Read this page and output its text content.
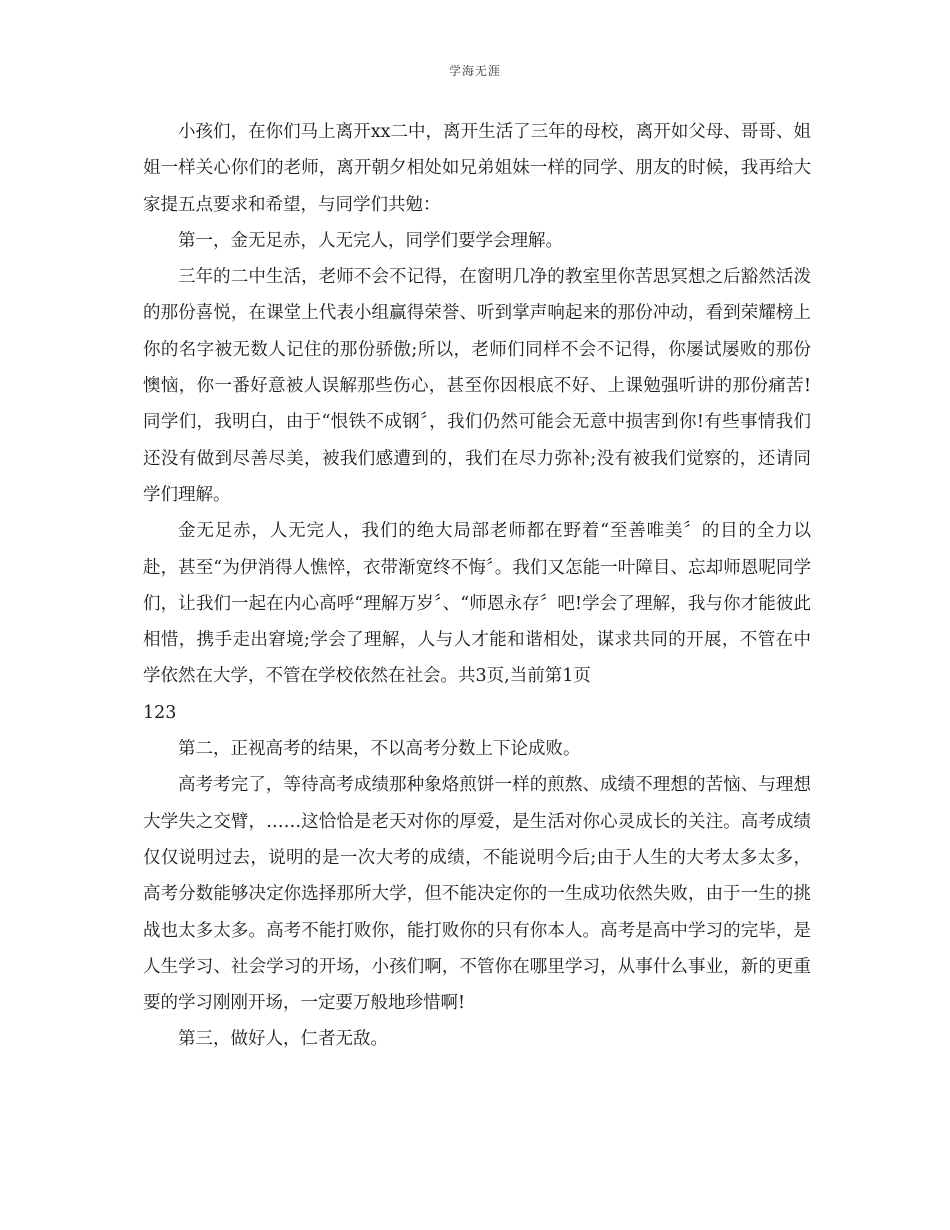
学海无涯

小孩们，在你们马上离开xx二中，离开生活了三年的母校，离开如父母、哥哥、姐姐一样关心你们的老师，离开朝夕相处如兄弟姐妹一样的同学、朋友的时候，我再给大家提五点要求和希望，与同学们共勉：

第一，金无足赤，人无完人，同学们要学会理解。

三年的二中生活，老师不会不记得，在窗明几净的教室里你苦思冥想之后豁然活泼的那份喜悦，在课堂上代表小组赢得荣誉、听到掌声响起来的那份冲动，看到荣耀榜上你的名字被无数人记住的那份骄傲;所以，老师们同样不会不记得，你屡试屡败的那份懊恼，你一番好意被人误解那些伤心，甚至你因根底不好、上课勉强听讲的那份痛苦!同学们，我明白，由于“恨铁不成钢〞，我们仍然可能会无意中损害到你!有些事情我们还没有做到尽善尽美，被我们感遭到的，我们在尽力弥补;没有被我们觉察的，还请同学们理解。

金无足赤，人无完人，我们的绝大局部老师都在野着“至善唯美〞的目的全力以赴，甚至“为伊消得人憔悴，衣带渐宽终不悔〞。我们又怎能一叶障目、忘却师恩呢同学们，让我们一起在内心高呼“理解万岁〞、“师恩永存〞吧!学会了理解，我与你才能彼此相惜，携手走出窘境;学会了理解，人与人才能和谐相处，谋求共同的开展，不管在中学依然在大学，不管在学校依然在社会。共3页,当前第1页

123

第二，正视高考的结果，不以高考分数上下论成败。

高考考完了，等待高考成绩那种象烙煎饼一样的煎熬、成绩不理想的苦恼、与理想大学失之交臂，……这恰恰是老天对你的厚爱，是生活对你心灵成长的关注。高考成绩仅仅说明过去，说明的是一次大考的成绩，不能说明今后;由于人生的大考太多太多，高考分数能够决定你选择那所大学，但不能决定你的一生成功依然失败，由于一生的挑战也太多太多。高考不能打败你，能打败你的只有你本人。高考是高中学习的完毕，是人生学习、社会学习的开场，小孩们啊，不管你在哪里学习，从事什么事业，新的更重要的学习刚刚开场，一定要万般地珍惜啊!

第三，做好人，仁者无敌。
